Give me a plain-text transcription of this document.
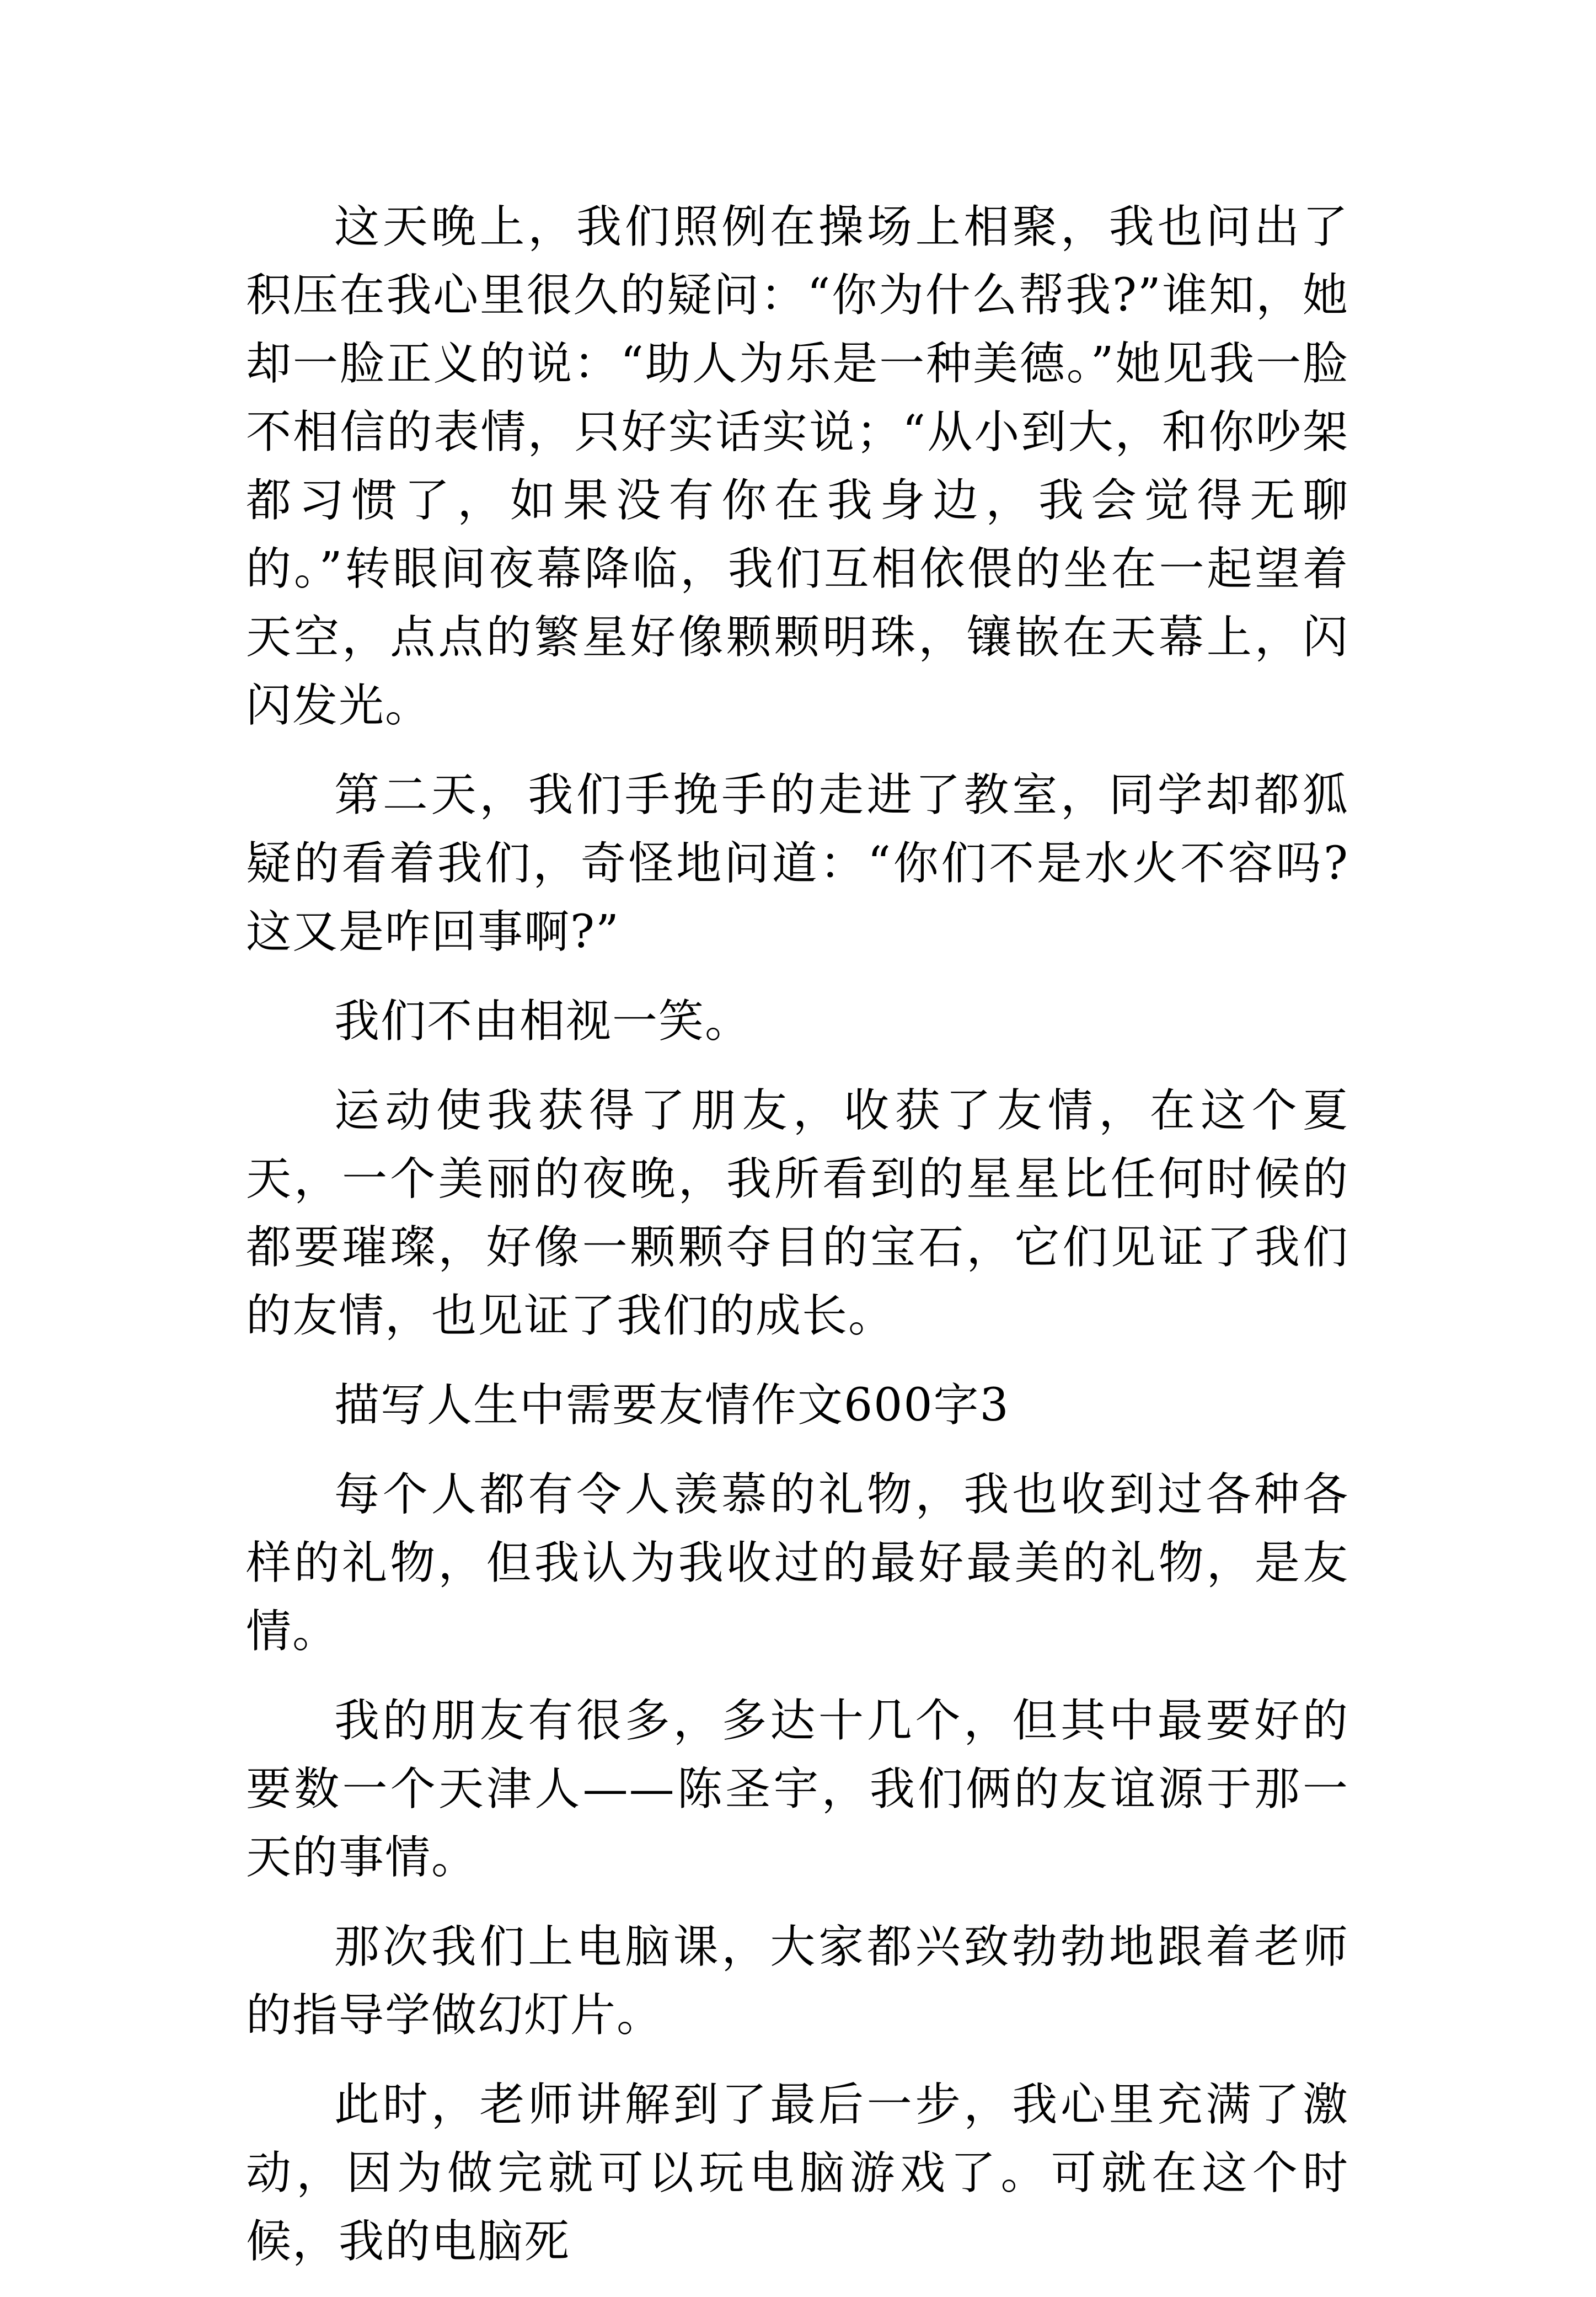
这天晚上，我们照例在操场上相聚，我也问出了积压在我心里很久的疑问：“你为什么帮我?”谁知，她却一脸正义的说：“助人为乐是一种美德。”她见我一脸不相信的表情，只好实话实说；“从小到大，和你吵架都习惯了，如果没有你在我身边，我会觉得无聊的。”转眼间夜幕降临，我们互相依偎的坐在一起望着天空，点点的繁星好像颗颗明珠，镶嵌在天幕上，闪闪发光。

第二天，我们手挽手的走进了教室，同学却都狐疑的看着我们，奇怪地问道：“你们不是水火不容吗?这又是咋回事啊?”

我们不由相视一笑。

运动使我获得了朋友，收获了友情，在这个夏天，一个美丽的夜晚，我所看到的星星比任何时候的都要璀璨，好像一颗颗夺目的宝石，它们见证了我们的友情，也见证了我们的成长。

描写人生中需要友情作文600字3

每个人都有令人羡慕的礼物，我也收到过各种各样的礼物，但我认为我收过的最好最美的礼物，是友情。

我的朋友有很多，多达十几个，但其中最要好的要数一个天津人——陈圣宇，我们俩的友谊源于那一天的事情。

那次我们上电脑课，大家都兴致勃勃地跟着老师的指导学做幻灯片。

此时，老师讲解到了最后一步，我心里充满了激动，因为做完就可以玩电脑游戏了。可就在这个时候，我的电脑死
